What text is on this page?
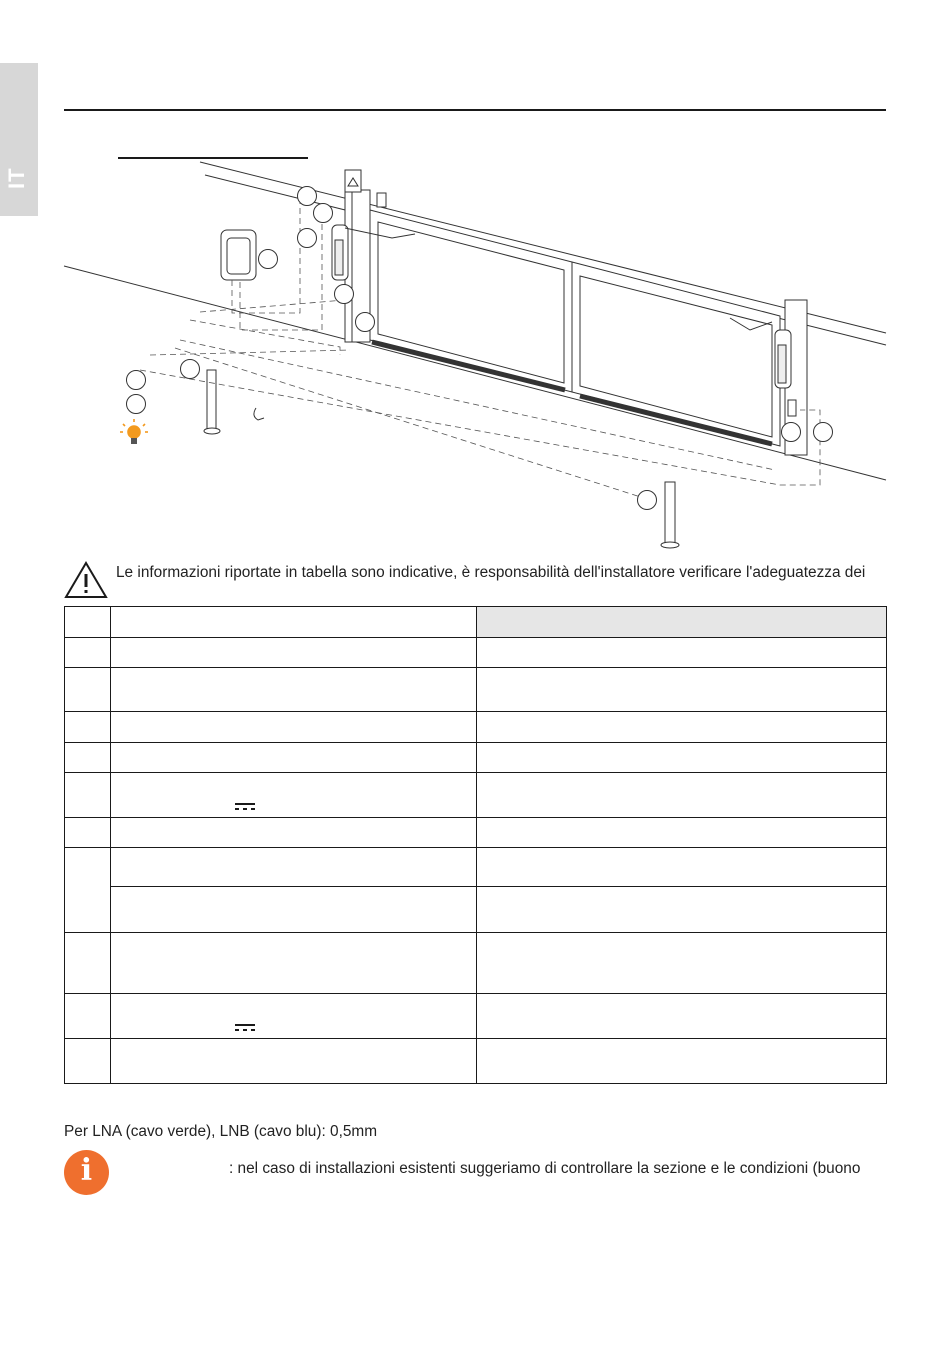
IT
Le informazioni riportate in tabella sono indicative, è responsabilità dell'installatore verificare l'adeguatezza dei

Per LNA (cavo verde), LNB (cavo blu): 0,5mm
i	: nel caso di installazioni esistenti suggeriamo di controllare la sezione e le condizioni (buono
